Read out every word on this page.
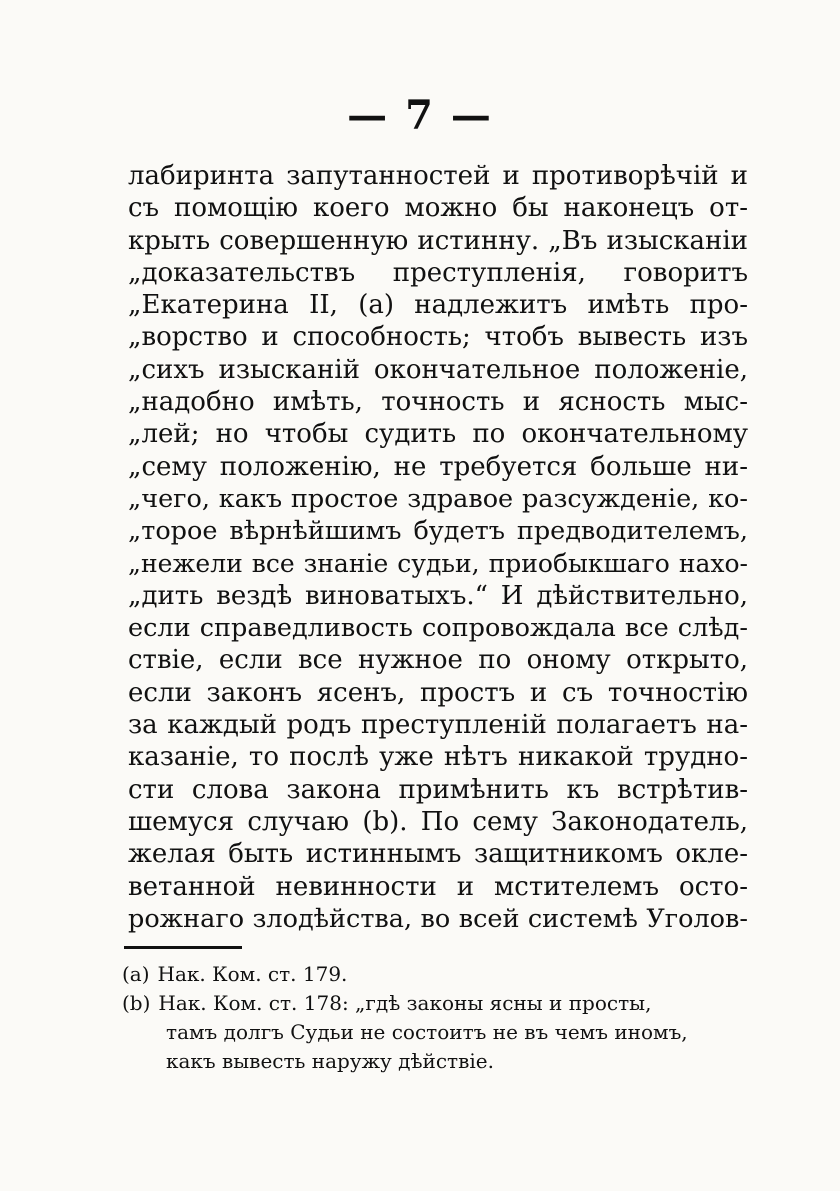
— 7 —
лабиринта запутанностей и противорѣчій и
съ помощію коего можно бы наконецъ от-
крыть совершенную истинну. „Въ изысканіи
„доказательствъ преступленія, говоритъ
„Екатерина II, (а) надлежитъ имѣть про-
„ворство и способность; чтобъ вывесть изъ
„сихъ изысканій окончательное положеніе,
„надобно имѣть, точность и ясность мыс-
„лей; но чтобы судить по окончательному
„сему положенію, не требуется больше ни-
„чего, какъ простое здравое разсужденіе, ко-
„торое вѣрнѣйшимъ будетъ предводителемъ,
„нежели все знаніе судьи, приобыкшаго нахо-
„дить вездѣ виноватыхъ.“ И дѣйствительно,
если справедливость сопровождала все слѣд-
ствіе, если все нужное по оному открыто,
если законъ ясенъ, простъ и съ точностію
за каждый родъ преступленій полагаетъ на-
казаніе, то послѣ уже нѣтъ никакой трудно-
сти слова закона примѣнить къ встрѣтив-
шемуся случаю (b). По сему Законодатель,
желая быть истиннымъ защитникомъ окле-
ветанной невинности и мстителемъ осто-
рожнаго злодѣйства, во всей системѣ Уголов-
(a) Нак. Ком. ст. 179.
(b) Нак. Ком. ст. 178: „гдѣ законы ясны и просты,
тамъ долгъ Судьи не состоитъ не въ чемъ иномъ,
какъ вывесть наружу дѣйствіе.
